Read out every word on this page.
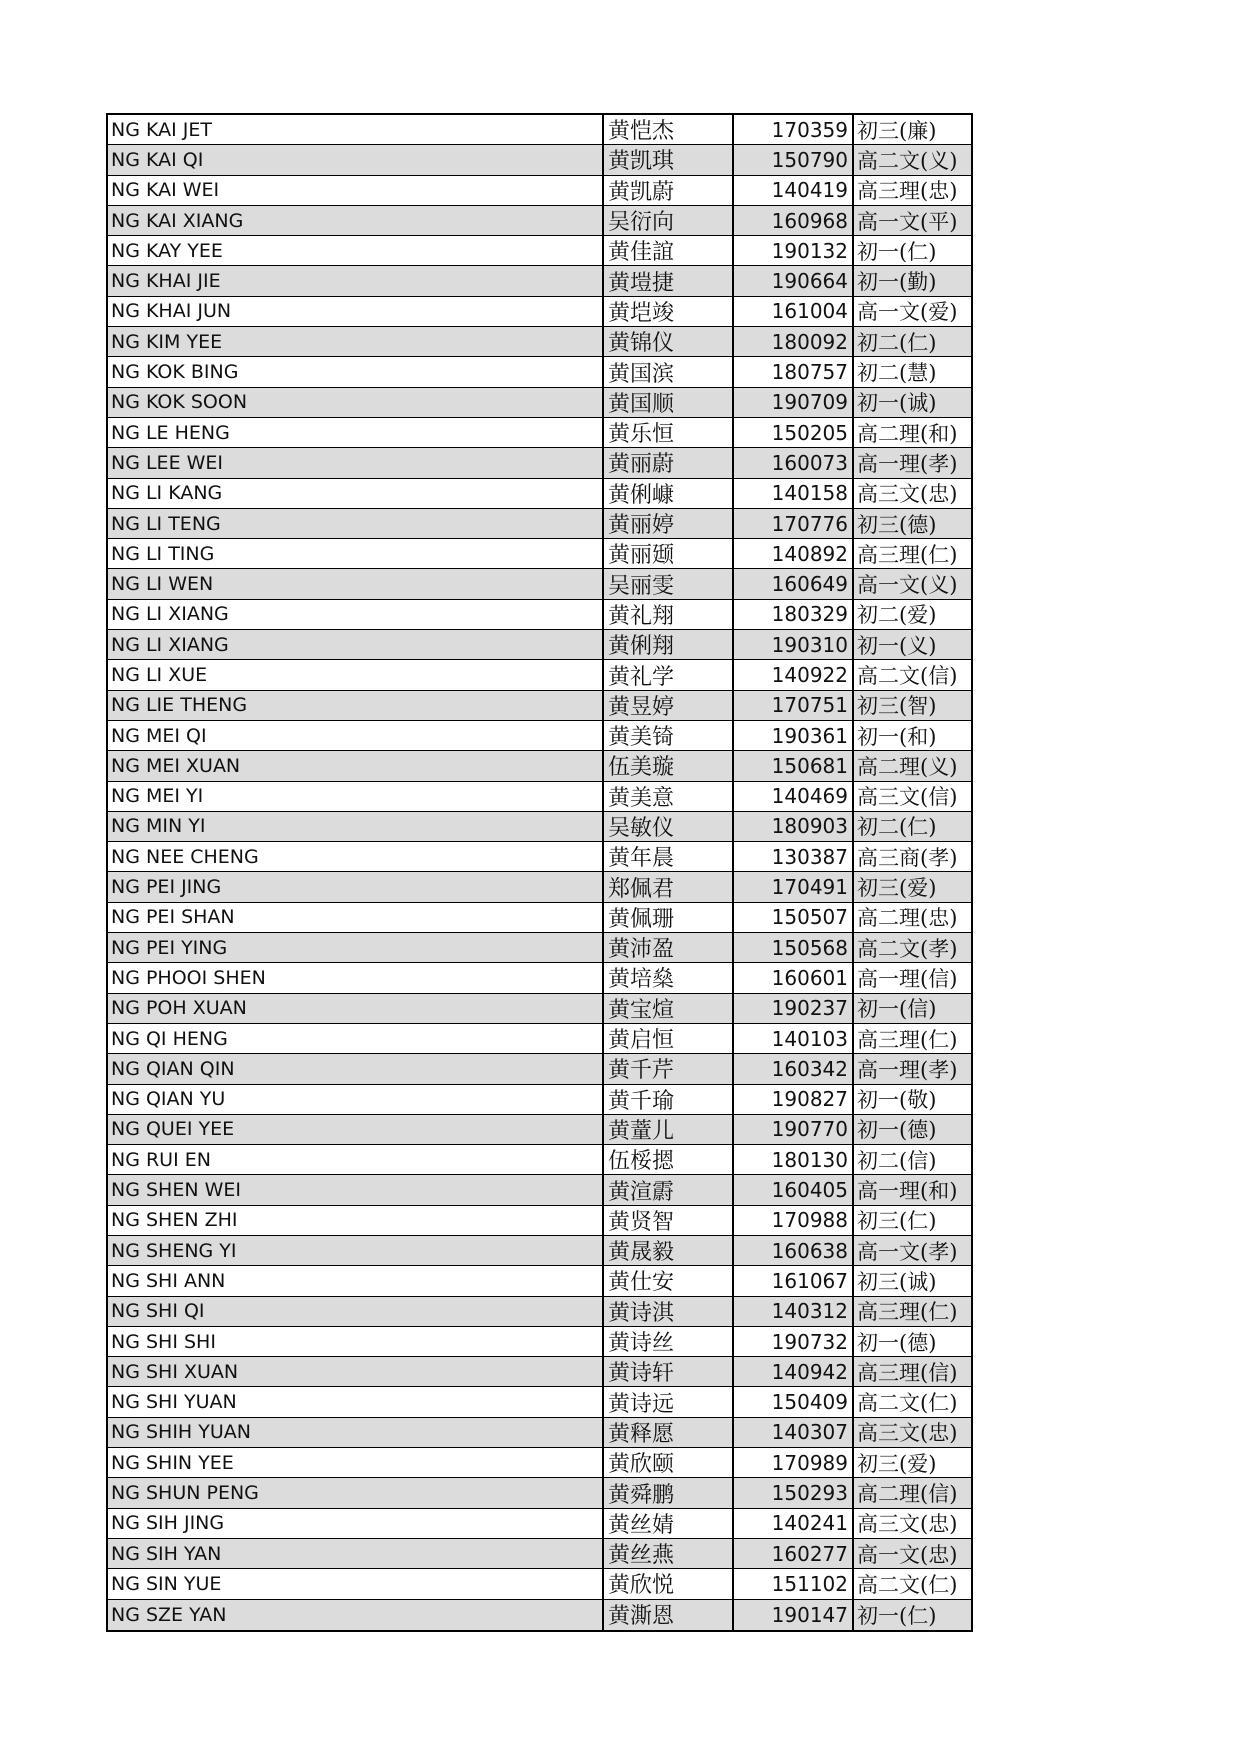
NG KAI JET	黄恺杰	170359 初三(廉)
NG KAI QI	黄凯琪	150790 高二文(义)
NG KAI WEI	黄凯蔚	140419 高三理(忠)
NG KAI XIANG	吴衍向	160968 高一文(平)
NG KAY YEE	黄佳誼	190132 初一(仁)
NG KHAI JIE	黄塏捷	190664 初一(勤)
NG KHAI JUN	黄垲竣	161004 高一文(爱)
NG KIM YEE	黄锦仪	180092 初二(仁)
NG KOK BING	黄国滨	180757 初二(慧)
NG KOK SOON	黄国顺	190709 初一(诚)
NG LE HENG	黄乐恒	150205 高二理(和)
NG LEE WEI	黄丽蔚	160073 高一理(孝)
NG LI KANG	黄俐嵻	140158 高三文(忠)
NG LI TENG	黄丽婷	170776 初三(德)
NG LI TING	黄丽颋	140892 高三理(仁)
NG LI WEN	吴丽雯	160649 高一文(义)
NG LI XIANG	黄礼翔	180329 初二(爱)
NG LI XIANG	黄俐翔	190310 初一(义)
NG LI XUE	黄礼学	140922 高二文(信)
NG LIE THENG	黄昱婷	170751 初三(智)
NG MEI QI	黄美锜	190361 初一(和)
NG MEI XUAN	伍美璇	150681 高二理(义)
NG MEI YI	黄美意	140469 高三文(信)
NG MIN YI	吴敏仪	180903 初二(仁)
NG NEE CHENG	黄年晨	130387 高三商(孝)
NG PEI JING	郑佩君	170491 初三(爱)
NG PEI SHAN	黄佩珊	150507 高二理(忠)
NG PEI YING	黄沛盈	150568 高二文(孝)
NG PHOOI SHEN	黄培燊	160601 高一理(信)
NG POH XUAN	黄宝煊	190237 初一(信)
NG QI HENG	黄启恒	140103 高三理(仁)
NG QIAN QIN	黄千芹	160342 高一理(孝)
NG QIAN YU	黄千瑜	190827 初一(敬)
NG QUEI YEE	黄蕫儿	190770 初一(德)
NG RUI EN	伍桵摁	180130 初二(信)
NG SHEN WEI	黄渲霨	160405 高一理(和)
NG SHEN ZHI	黄贤智	170988 初三(仁)
NG SHENG YI	黄晟毅	160638 高一文(孝)
NG SHI ANN	黄仕安	161067 初三(诚)
NG SHI QI	黄诗淇	140312 高三理(仁)
NG SHI SHI	黄诗丝	190732 初一(德)
NG SHI XUAN	黄诗轩	140942 高三理(信)
NG SHI YUAN	黄诗远	150409 高二文(仁)
NG SHIH YUAN	黄释愿	140307 高三文(忠)
NG SHIN YEE	黄欣颐	170989 初三(爱)
NG SHUN PENG	黄舜鹏	150293 高二理(信)
NG SIH JING	黄丝婧	140241 高三文(忠)
NG SIH YAN	黄丝燕	160277 高一文(忠)
NG SIN YUE	黄欣悦	151102 高二文(仁)
NG SZE YAN	黄澌恩	190147 初一(仁)
